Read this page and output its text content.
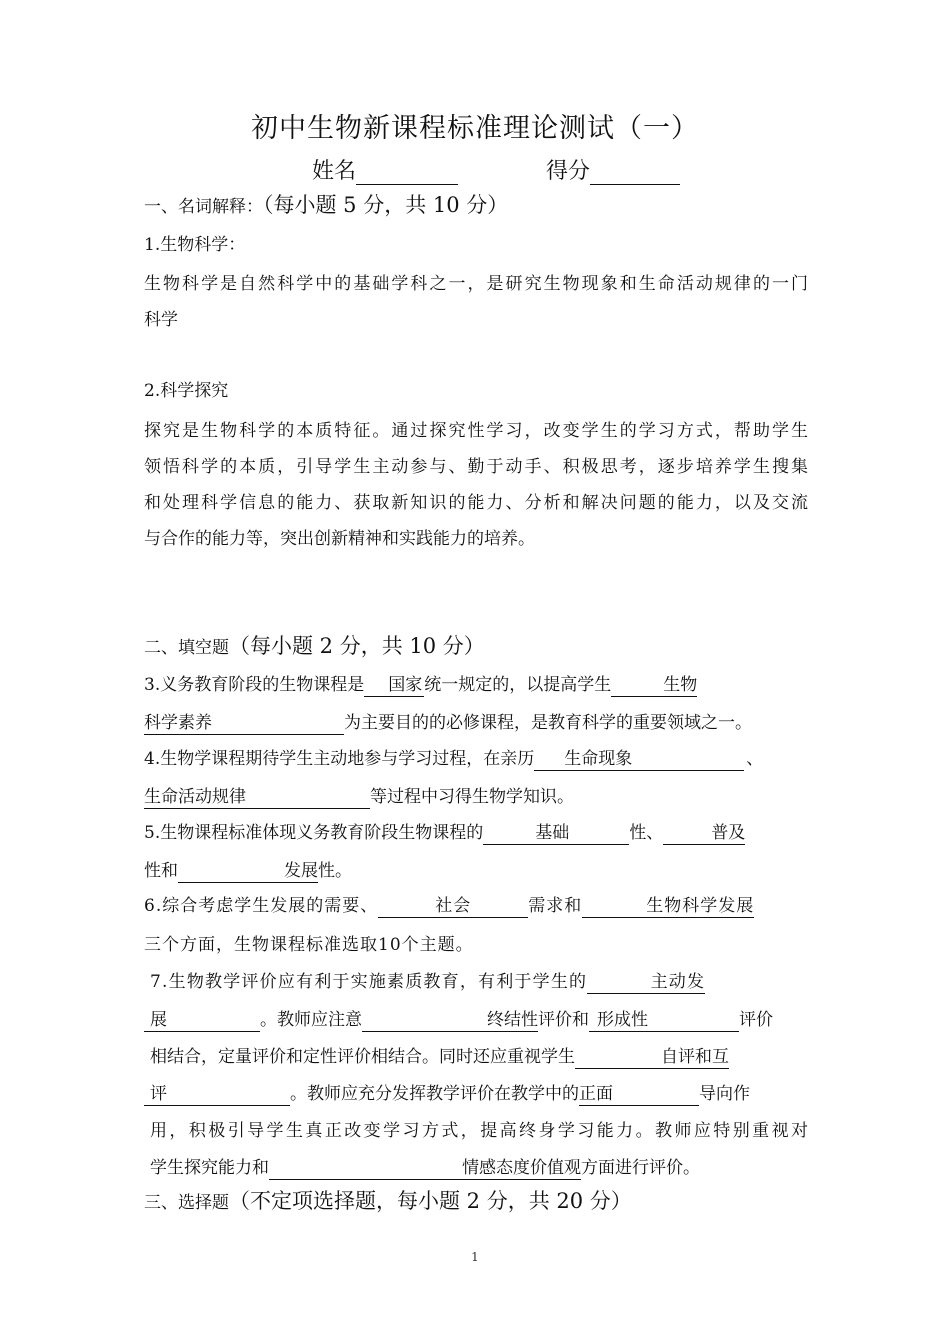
初中生物新课程标准理论测试（一）
姓名	得分
一、名词解释：（每小题 5 分，共 10 分）
1.生物科学：
生物科学是自然科学中的基础学科之一，是研究生物现象和生命活动规律的一门
科学
2.科学探究
探究是生物科学的本质特征。通过探究性学习，改变学生的学习方式，帮助学生
领悟科学的本质，引导学生主动参与、勤于动手、积极思考，逐步培养学生搜集
和处理科学信息的能力、获取新知识的能力、分析和解决问题的能力，以及交流
与合作的能力等，突出创新精神和实践能力的培养。
二、填空题（每小题 2 分，共 10 分）
3.义务教育阶段的生物课程是 国家 统一规定的，以提高学生	生物
科学素养	为主要目的的必修课程，是教育科学的重要领域之一。
4.生物学课程期待学生主动地参与学习过程，在亲历 生命现象	、
生命活动规律	等过程中习得生物学知识。
5.生物课程标准体现义务教育阶段生物课程的	基础	性、	普及
性和	发展性。
6.综合考虑学生发展的需要、	社会	需求和	生物科学发展
三个方面，生物课程标准选取10个主题。
7.生物教学评价应有利于实施素质教育，有利于学生的	主动发
展	。教师应注意	终结性评价和 形成性	评价
相结合，定量评价和定性评价相结合。同时还应重视学生	自评和互
评	。教师应充分发挥教学评价在教学中的正面	导向作
用，积极引导学生真正改变学习方式，提高终身学习能力。教师应特别重视对
学生探究能力和	情感态度价值观方面进行评价。
三、选择题（不定项选择题，每小题 2 分，共 20 分）
1
